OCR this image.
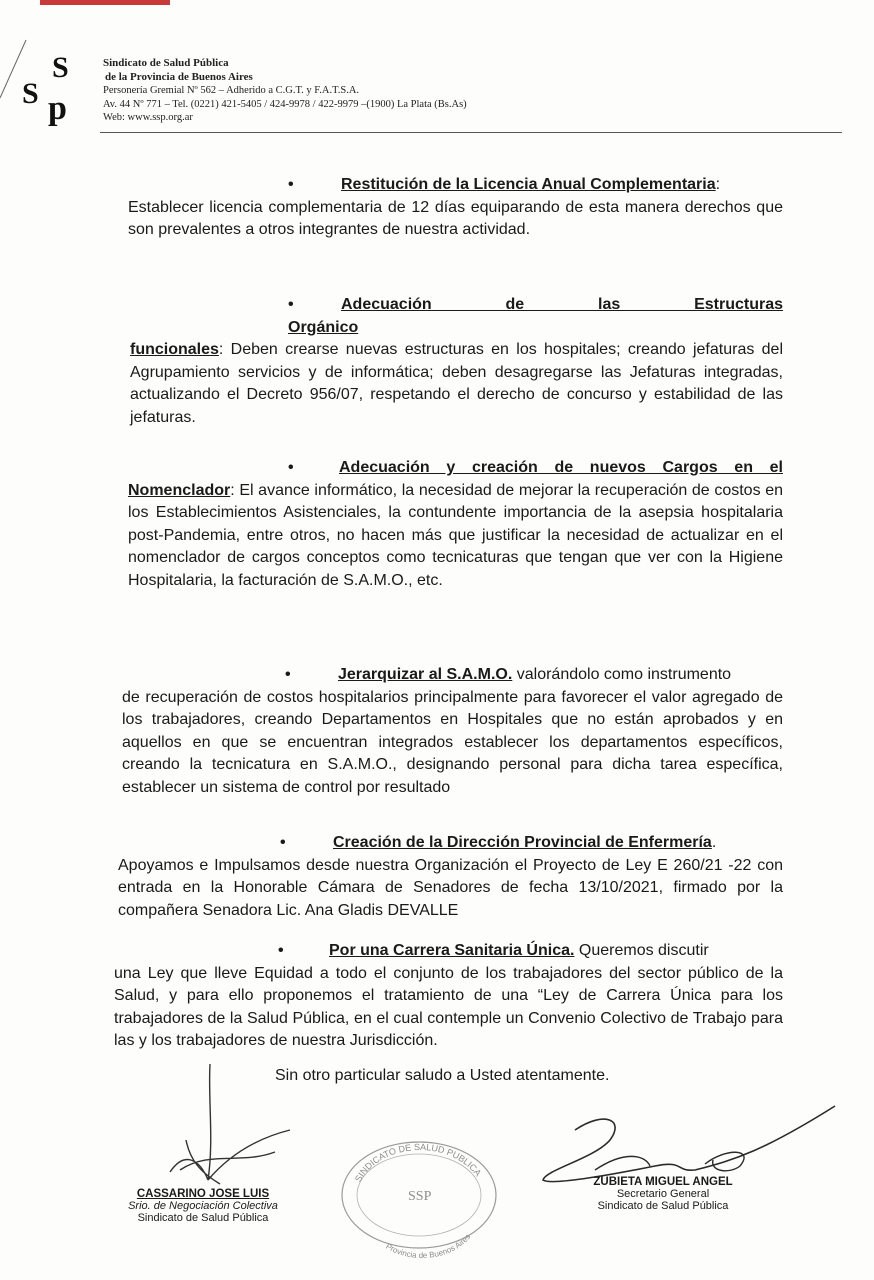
S
S p
Sindicato de Salud Pública
de la Provincia de Buenos Aires
Personería Gremial Nº 562 – Adherido a C.G.T. y F.A.T.S.A.
Av. 44 Nº 771 – Tel. (0221) 421-5405 / 424-9978 / 422-9979 –(1900) La Plata (Bs.As)
Web: www.ssp.org.ar
•	Restitución de la Licencia Anual Complementaria:
Establecer licencia complementaria de 12 días equiparando de esta manera derechos que son prevalentes a otros integrantes de nuestra actividad.
•	Adecuación de las Estructuras Orgánico
funcionales: Deben crearse nuevas estructuras en los hospitales; creando jefaturas del Agrupamiento servicios y de informática; deben desagregarse las Jefaturas integradas, actualizando el Decreto 956/07, respetando el derecho de concurso y estabilidad de las jefaturas.
•	Adecuación y creación de nuevos Cargos en el
Nomenclador: El avance informático, la necesidad de mejorar la recuperación de costos en los Establecimientos Asistenciales, la contundente importancia de la asepsia hospitalaria post-Pandemia, entre otros, no hacen más que justificar la necesidad de actualizar en el nomenclador de cargos conceptos como tecnicaturas que tengan que ver con la Higiene Hospitalaria, la facturación de S.A.M.O., etc.
•	Jerarquizar al S.A.M.O. valorándolo como instrumento
de recuperación de costos hospitalarios principalmente para favorecer el valor agregado de los trabajadores, creando Departamentos en Hospitales que no están aprobados y en aquellos en que se encuentran integrados establecer los departamentos específicos, creando la tecnicatura en S.A.M.O., designando personal para dicha tarea específica, establecer un sistema de control por resultado
•	Creación de la Dirección Provincial de Enfermería.
Apoyamos e Impulsamos desde nuestra Organización el Proyecto de Ley E 260/21 -22 con entrada en la Honorable Cámara de Senadores de fecha 13/10/2021, firmado por la compañera Senadora Lic. Ana Gladis DEVALLE
•	Por una Carrera Sanitaria Única. Queremos discutir
una Ley que lleve Equidad a todo el conjunto de los trabajadores del sector público de la Salud, y para ello proponemos el tratamiento de una “Ley de Carrera Única para los trabajadores de la Salud Pública, en el cual contemple un Convenio Colectivo de Trabajo para las y los trabajadores de nuestra Jurisdicción.
Sin otro particular saludo a Usted atentamente.
CASSARINO JOSE LUIS
Srio. de Negociación Colectiva
Sindicato de Salud Pública
SINDICATO DE SALUD PUBLICA
Provincia de Buenos Aires
SSP
ZUBIETA MIGUEL ANGEL
Secretario General
Sindicato de Salud Pública
